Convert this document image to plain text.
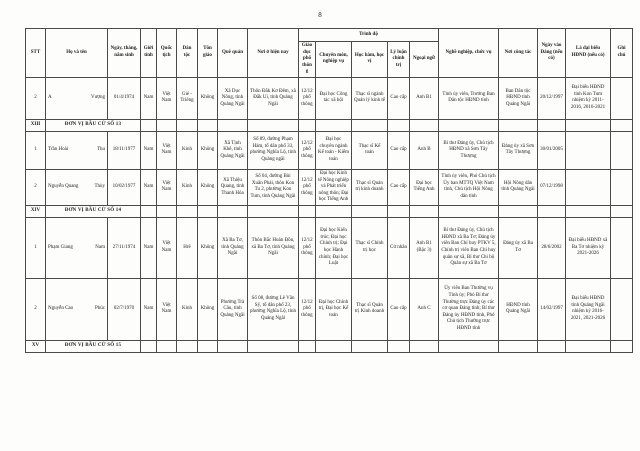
8
STT	Họ và tên	Ngày, tháng, năm sinh	Giới tính	Quốc tịch	Dân tộc	Tôn giáo	Quê quán	Nơi ở hiện nay	Trình độ					Nghề nghiệp, chức vụ	Nơi công tác	Ngày vào Đảng (nếu có)	Là đại biểu HĐND (nếu có)	Ghi chú
									Giáo dục phổ thông	Chuyên môn, nghiệp vụ	Học hàm, học vị	Lý luận chính trị	Ngoại ngữ					
2	A Vượng	01/4/1974	Nam	Việt Nam	Gié - Triêng	Không	Xã Dục Nông, tỉnh Quảng Ngãi	Thôn Đắk Kơ Đêm, xã Đắk Ui, tỉnh Quảng Ngãi	12/12 phổ thông	Đại học Công tác xã hội	Thạc sĩ ngành Quản lý kinh tế	Cao cấp	Anh B1	Tỉnh ủy viên, Trưởng Ban Dân tộc HĐND tỉnh	Ban Dân tộc HĐND tỉnh Quảng Ngãi	20/12/1997	Đại biểu HĐND tỉnh Kon Tum nhiệm kỳ 2011-2016, 2016-2021	
XIII	ĐƠN VỊ BẦU CỬ SỐ 13																	
1	Trần Hoài Thu	18/11/1977	Nam	Việt Nam	Kinh	Không	Xã Tịnh Khê, tỉnh Quảng Ngãi	Số 09, đường Phạm Hàm, tổ dân phố 33, phường Nghĩa Lộ, tỉnh Quảng ngãi	12/12 phổ thông	Đại học chuyên ngành Kế toán - Kiểm toán	Thạc sĩ Kế toán	Cao cấp	Anh B	Bí thư Đảng ủy, Chủ tịch HĐND xã Sơn Tây Thượng	Đảng ủy xã Sơn Tây Thượng	30/01/2005		
2	Nguyễn Quang Thùy	10/02/1977	Nam	Việt Nam	Kinh	Không	Xã Thiệu Quang, tỉnh Thanh Hóa	Số 04, đường Bùi Xuân Phái, thôn Kon Tu 2, phường Kon Tum, tỉnh Quảng Ngãi	12/12 phổ thông	Đại học Kinh tế Nông nghiệp và Phát triển nông thôn; Đại học Tiếng Anh	Thạc sĩ Quản trị kinh doanh	Cao cấp	Đại học Tiếng Anh	Tỉnh ủy viên, Phó Chủ tịch Ủy ban MTTQ Việt Nam tỉnh, Chủ tịch Hội Nông dân tỉnh	Hội Nông dân tỉnh Quảng Ngãi	07/12/1998		
XIV	ĐƠN VỊ BẦU CỬ SỐ 14																	
1	Phạm Giang Nam	27/11/1974	Nam	Việt Nam	Hrê	Không	Xã Ba Tơ, tỉnh Quảng Ngãi	Thôn Bắc Hoàn Đồn, xã Ba Tơ, tỉnh Quảng Ngãi	12/12 phổ thông	Đại học Kiến trúc; Đại học Chính trị; Đại học Hành chính; Đại học Luật	Thạc sĩ Chính trị học	Cử nhân	Anh B1 (Bậc 3)	Bí thư Đảng ủy, Chủ tịch HĐND xã Ba Tơ; Đảng ủy viên Ban Chỉ huy PTKV 5, Chính trị viên Ban Chỉ huy quân sự xã, Bí thư Chi bộ Quân sự xã Ba Tơ	Đảng ủy xã Ba Tơ	28/6/2002	Đại biểu HĐND xã Ba Tơ nhiệm kỳ 2021-2026	
2	Nguyễn Cao Phúc	02/7/1970	Nam	Việt Nam	Kinh	Không	Phường Trà Câu, tỉnh Quảng Ngãi	Số 08, đường Lê Văn Sỹ, tổ dân phố 23, phường Nghĩa Lộ, tỉnh Quảng Ngãi	12/12 phổ thông	Đại học Chính trị, Đại học Kế toán	Thạc sĩ Quản trị Kinh doanh	Cao cấp	Anh C	Ủy viên Ban Thường vụ Tỉnh ủy; Phó Bí thư Thường trực Đảng ủy các cơ quan Đảng tỉnh; Bí thư Đảng ủy HĐND tỉnh, Phó Chủ tịch Thường trực HĐND tỉnh	HĐND tỉnh Quảng Ngãi	14/02/1997	Đại biểu HĐND tỉnh Quảng Ngãi nhiệm kỳ 2016-2021, 2021-2026	
XV	ĐƠN VỊ BẦU CỬ SỐ 15																	
